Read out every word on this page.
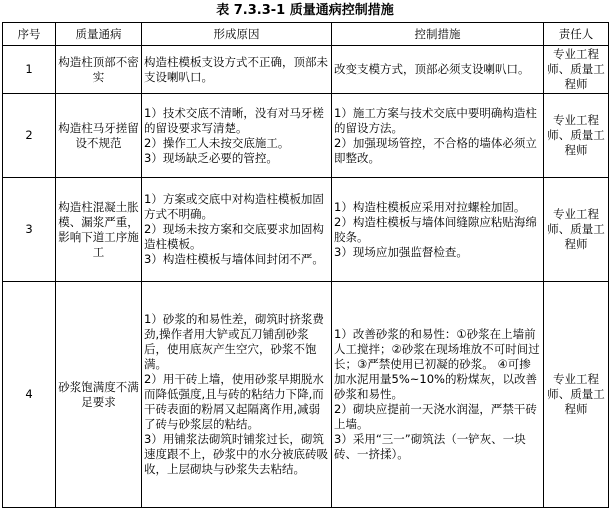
表 7.3.3-1 质量通病控制措施
序号	质量通病	形成原因	控制措施	责任人
1	构造柱顶部不密实	构造柱模板支设方式不正确，顶部未支设喇叭口。	改变支模方式，顶部必须支设喇叭口。	专业工程师、质量工程师
2	构造柱马牙搓留设不规范	1）技术交底不清晰，没有对马牙槎的留设要求写清楚。
2）操作工人未按交底施工。
3）现场缺乏必要的管控。	1）施工方案与技术交底中要明确构造柱的留设方法。
2）加强现场管控，不合格的墙体必须立即整改。	专业工程师、质量工程师
3	构造柱混凝土胀模、漏浆严重，影响下道工序施工	1）方案或交底中对构造柱模板加固方式不明确。
2）现场未按方案和交底要求加固构造柱模板。
3）构造柱模板与墙体间封闭不严。	1）构造柱模板应采用对拉螺栓加固。
2）构造柱模板与墙体间缝隙应粘贴海绵胶条。
3）现场应加强监督检查。	专业工程师、质量工程师
4	砂浆饱满度不满足要求	1）砂浆的和易性差，砌筑时挤浆费劲,操作者用大铲或瓦刀铺刮砂浆后，使用底灰产生空穴，砂浆不饱满。
2）用干砖上墙，使用砂浆早期脱水而降低强度,且与砖的粘结力下降,而干砖表面的粉屑又起隔离作用,减弱了砖与砂浆层的粘结。
3）用铺浆法砌筑时铺浆过长，砌筑速度跟不上，砂浆中的水分被底砖吸收，上层砌块与砂浆失去粘结。	1）改善砂浆的和易性：①砂浆在上墙前人工搅拌；②砂浆在现场堆放不可时间过长；③严禁使用已初凝的砂浆。 ④可掺加水泥用量5%~10%的粉煤灰，以改善砂浆和易性。
2）砌块应提前一天浇水润湿，严禁干砖上墙。
3）采用“三一”砌筑法（一铲灰、一块砖、一挤揉）。	专业工程师、质量工程师
